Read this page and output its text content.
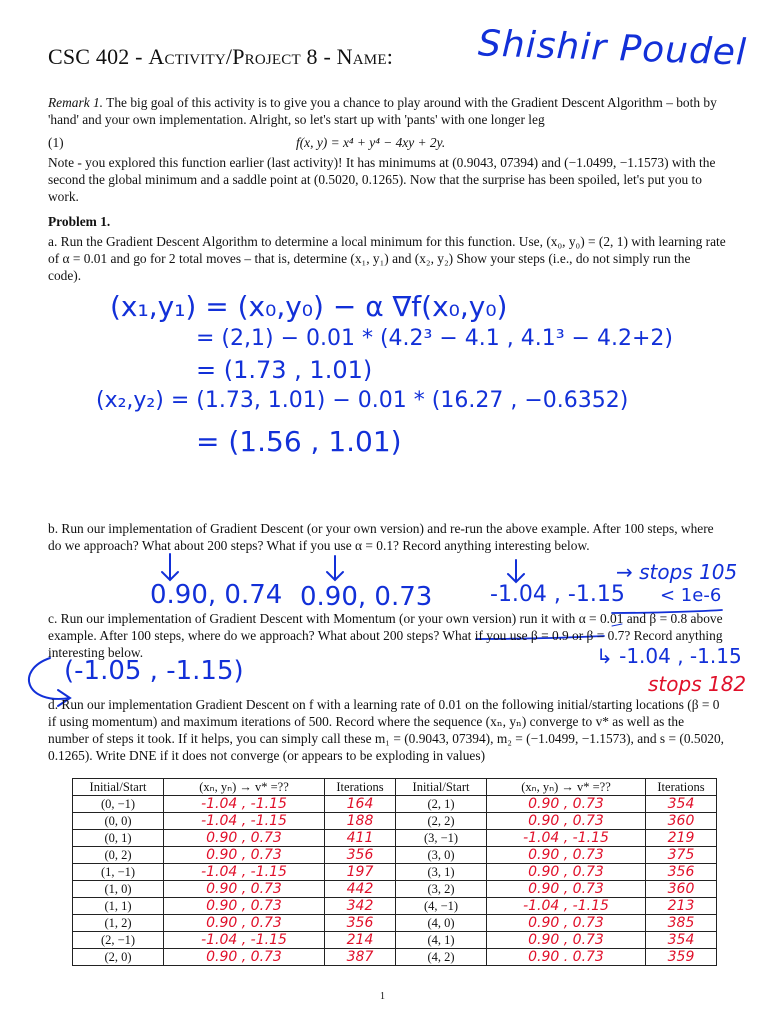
CSC 402 - Activity/Project 8 - Name: Shishir Poudel
Remark 1. The big goal of this activity is to give you a chance to play around with the Gradient Descent Algorithm – both by 'hand' and your own implementation. Alright, so let's start up with 'pants' with one longer leg
(1)	f(x, y) = x⁴ + y⁴ − 4xy + 2y.
Note - you explored this function earlier (last activity)! It has minimums at (0.9043, 07394) and (−1.0499, −1.1573) with the second the global minimum and a saddle point at (0.5020, 0.1265). Now that the surprise has been spoiled, let's put you to work.
Problem 1.
a. Run the Gradient Descent Algorithm to determine a local minimum for this function. Use, (x₀, y₀) = (2, 1) with learning rate of α = 0.01 and go for 2 total moves – that is, determine (x₁, y₁) and (x₂, y₂) Show your steps (i.e., do not simply run the code).
(x₁,y₁) = (x₀,y₀) − α ∇f(x₀,y₀)
= (2,1) − 0.01 * (4.2³ − 4.1 , 4.1³ − 4.2+2)
= (1.73 , 1.01)
(x₂,y₂) = (1.73, 1.01) − 0.01 * (16.27 , −0.6352)
= (1.56 , 1.01)
b. Run our implementation of Gradient Descent (or your own version) and re-run the above example. After 100 steps, where do we approach? What about 200 steps? What if you use α = 0.1? Record anything interesting below.
0.90, 0.74 0.90, 0.73	-1.04 , -1.15
→ stops 105
< 1e-6
c. Run our implementation of Gradient Descent with Momentum (or your own version) run it with α = 0.01 and β = 0.8 above example. After 100 steps, where do we approach? What about 200 steps? What if you use β = 0.9 or β = 0.7? Record anything interesting below.
(-1.05 , -1.15)	↳ -1.04 , -1.15
stops 182
d. Run our implementation Gradient Descent on f with a learning rate of 0.01 on the following initial/starting locations (β = 0 if using momentum) and maximum iterations of 500. Record where the sequence (xₙ, yₙ) converge to v* as well as the number of steps it took. If it helps, you can simply call these m₁ = (0.9043, 07394), m₂ = (−1.0499, −1.1573), and s = (0.5020, 0.1265). Write DNE if it does not converge (or appears to be exploding in values)
Initial/Start	(xₙ, yₙ) → v* =??	Iterations	Initial/Start	(xₙ, yₙ) → v* =??	Iterations
(0, −1)	-1.04 , -1.15	164	(2, 1)	0.90 , 0.73	354
(0, 0)	-1.04 , -1.15	188	(2, 2)	0.90 , 0.73	360
(0, 1)	0.90 , 0.73	411	(3, −1)	-1.04 , -1.15	219
(0, 2)	0.90 , 0.73	356	(3, 0)	0.90 , 0.73	375
(1, −1)	-1.04 , -1.15	197	(3, 1)	0.90 , 0.73	356
(1, 0)	0.90 , 0.73	442	(3, 2)	0.90 , 0.73	360
(1, 1)	0.90 , 0.73	342	(4, −1)	-1.04 , -1.15	213
(1, 2)	0.90 , 0.73	356	(4, 0)	0.90 , 0.73	385
(2, −1)	-1.04 , -1.15	214	(4, 1)	0.90 , 0.73	354
(2, 0)	0.90 , 0.73	387	(4, 2)	0.90 . 0.73	359
1
